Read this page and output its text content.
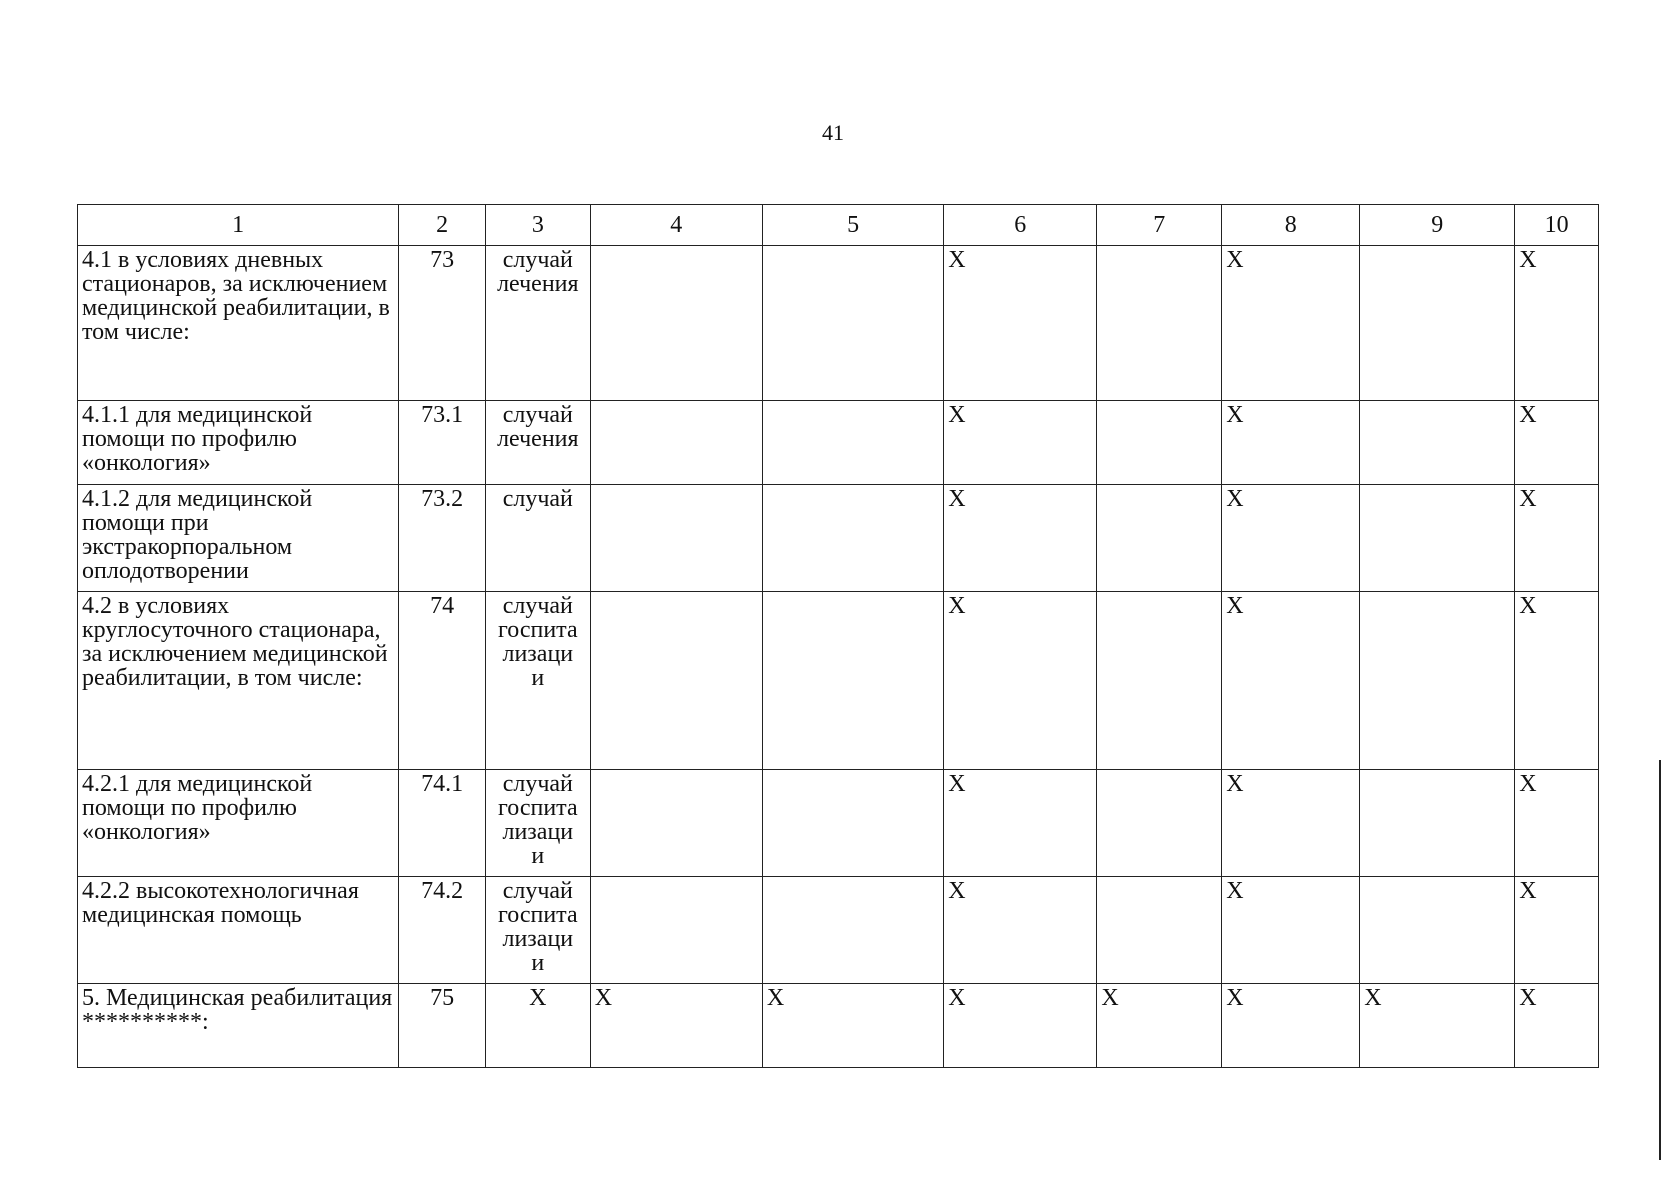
41
1	2	3	4	5	6	7	8	9	10
4.1 в условиях дневных стационаров, за исключением медицинской реабилитации, в том числе:	73	случай лечения			X		X		X
4.1.1 для медицинской помощи по профилю «онкология»	73.1	случай лечения			X		X		X
4.1.2 для медицинской помощи при экстракорпоральном оплодотворении	73.2	случай			X		X		X
4.2 в условиях круглосуточного стационара, за исключением медицинской реабилитации, в том числе:	74	случай
госпита
лизаци
и			X		X		X
4.2.1 для медицинской помощи по профилю «онкология»	74.1	случай
госпита
лизаци
и			X		X		X
4.2.2 высокотехнологичная медицинская помощь	74.2	случай
госпита
лизаци
и			X		X		X
5. Медицинская реабилитация **********:	75	X	X	X	X	X	X	X	X
